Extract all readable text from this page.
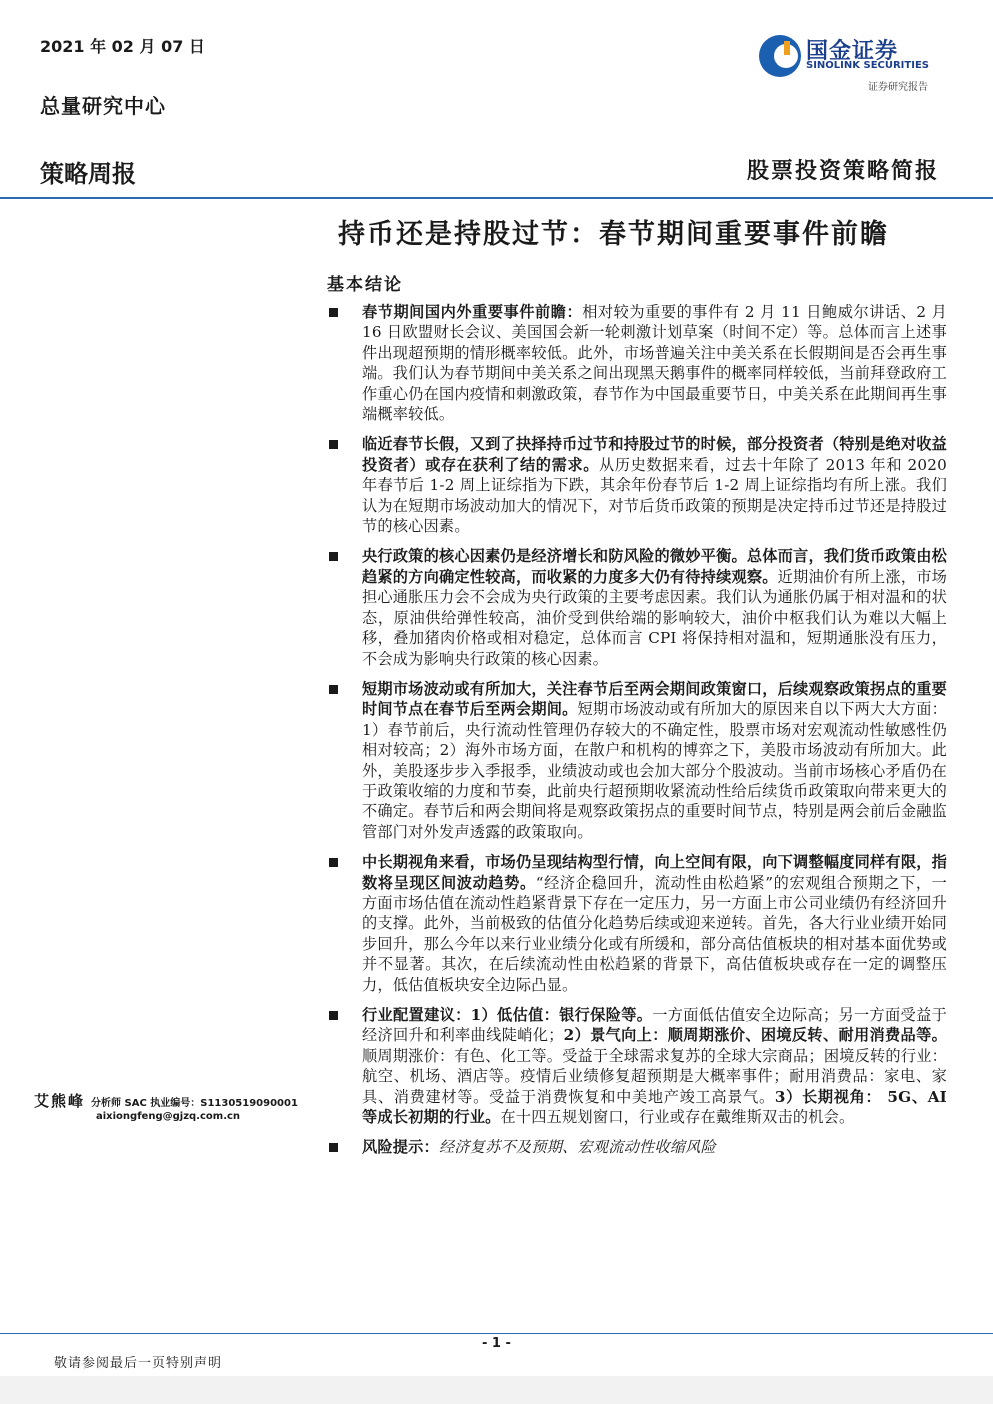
2021 年 02 月 07 日
总量研究中心
国金证券
SINOLINK SECURITIES
证券研究报告
策略周报	股票投资策略简报
持币还是持股过节：春节期间重要事件前瞻
基本结论
春节期间国内外重要事件前瞻：相对较为重要的事件有 2 月 11 日鲍威尔讲话、2 月 16 日欧盟财长会议、美国国会新一轮刺激计划草案（时间不定）等。总体而言上述事件出现超预期的情形概率较低。此外，市场普遍关注中美关系在长假期间是否会再生事端。我们认为春节期间中美关系之间出现黑天鹅事件的概率同样较低，当前拜登政府工作重心仍在国内疫情和刺激政策，春节作为中国最重要节日，中美关系在此期间再生事端概率较低。
临近春节长假，又到了抉择持币过节和持股过节的时候，部分投资者（特别是绝对收益投资者）或存在获利了结的需求。从历史数据来看，过去十年除了 2013 年和 2020 年春节后 1-2 周上证综指为下跌，其余年份春节后 1-2 周上证综指均有所上涨。我们认为在短期市场波动加大的情况下，对节后货币政策的预期是决定持币过节还是持股过节的核心因素。
央行政策的核心因素仍是经济增长和防风险的微妙平衡。总体而言，我们货币政策由松趋紧的方向确定性较高，而收紧的力度多大仍有待持续观察。近期油价有所上涨，市场担心通胀压力会不会成为央行政策的主要考虑因素。我们认为通胀仍属于相对温和的状态，原油供给弹性较高，油价受到供给端的影响较大，油价中枢我们认为难以大幅上移，叠加猪肉价格或相对稳定，总体而言 CPI 将保持相对温和，短期通胀没有压力，不会成为影响央行政策的核心因素。
短期市场波动或有所加大，关注春节后至两会期间政策窗口，后续观察政策拐点的重要时间节点在春节后至两会期间。短期市场波动或有所加大的原因来自以下两大大方面：1）春节前后，央行流动性管理仍存较大的不确定性，股票市场对宏观流动性敏感性仍相对较高；2）海外市场方面，在散户和机构的博弈之下，美股市场波动有所加大。此外，美股逐步步入季报季，业绩波动或也会加大部分个股波动。当前市场核心矛盾仍在于政策收缩的力度和节奏，此前央行超预期收紧流动性给后续货币政策取向带来更大的不确定。春节后和两会期间将是观察政策拐点的重要时间节点，特别是两会前后金融监管部门对外发声透露的政策取向。
中长期视角来看，市场仍呈现结构型行情，向上空间有限，向下调整幅度同样有限，指数将呈现区间波动趋势。“经济企稳回升，流动性由松趋紧”的宏观组合预期之下，一方面市场估值在流动性趋紧背景下存在一定压力，另一方面上市公司业绩仍有经济回升的支撑。此外，当前极致的估值分化趋势后续或迎来逆转。首先，各大行业业绩开始同步回升，那么今年以来行业业绩分化或有所缓和，部分高估值板块的相对基本面优势或并不显著。其次，在后续流动性由松趋紧的背景下，高估值板块或存在一定的调整压力，低估值板块安全边际凸显。
行业配置建议：1）低估值：银行保险等。一方面低估值安全边际高；另一方面受益于经济回升和利率曲线陡峭化；2）景气向上：顺周期涨价、困境反转、耐用消费品等。顺周期涨价：有色、化工等。受益于全球需求复苏的全球大宗商品；困境反转的行业：航空、机场、酒店等。疫情后业绩修复超预期是大概率事件；耐用消费品：家电、家具、消费建材等。受益于消费恢复和中美地产竣工高景气。3）长期视角： 5G、AI 等成长初期的行业。在十四五规划窗口，行业或存在戴维斯双击的机会。
风险提示：经济复苏不及预期、宏观流动性收缩风险
艾熊峰 分析师 SAC 执业编号：S1130519090001
aixiongfeng@gjzq.com.cn
- 1 -
敬请参阅最后一页特别声明
